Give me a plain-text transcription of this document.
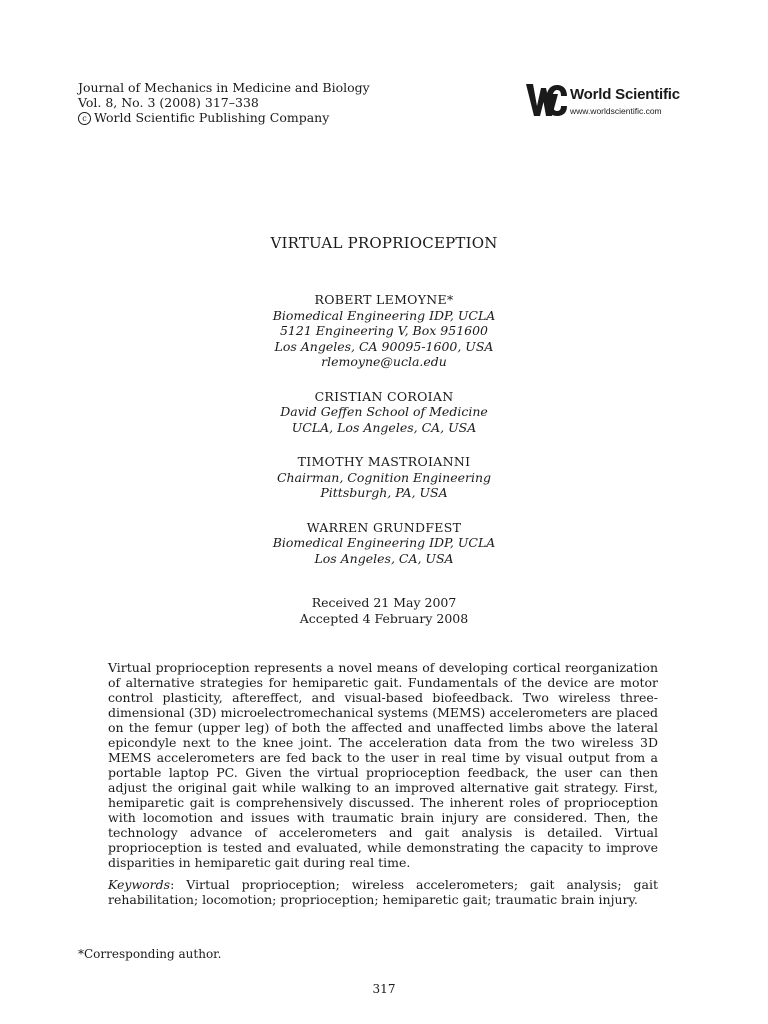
Journal of Mechanics in Medicine and Biology
Vol. 8, No. 3 (2008) 317–338
c World Scientific Publishing Company
World Scientific
www.worldscientific.com
VIRTUAL PROPRIOCEPTION
ROBERT LEMOYNE*
Biomedical Engineering IDP, UCLA
5121 Engineering V, Box 951600
Los Angeles, CA 90095-1600, USA
rlemoyne@ucla.edu
CRISTIAN COROIAN
David Geffen School of Medicine
UCLA, Los Angeles, CA, USA
TIMOTHY MASTROIANNI
Chairman, Cognition Engineering
Pittsburgh, PA, USA
WARREN GRUNDFEST
Biomedical Engineering IDP, UCLA
Los Angeles, CA, USA
Received 21 May 2007
Accepted 4 February 2008

Virtual proprioception represents a novel means of developing cortical reorganization of alternative strategies for hemiparetic gait. Fundamentals of the device are motor control plasticity, aftereffect, and visual-based biofeedback. Two wireless three-dimensional (3D) microelectromechanical systems (MEMS) accelerometers are placed on the femur (upper leg) of both the affected and unaffected limbs above the lateral epicondyle next to the knee joint. The acceleration data from the two wireless 3D MEMS accelerometers are fed back to the user in real time by visual output from a portable laptop PC. Given the virtual proprioception feedback, the user can then adjust the original gait while walking to an improved alternative gait strategy. First, hemiparetic gait is comprehensively discussed. The inherent roles of proprioception with locomotion and issues with traumatic brain injury are considered. Then, the technology advance of accelerometers and gait analysis is detailed. Virtual proprioception is tested and evaluated, while demonstrating the capacity to improve disparities in hemiparetic gait during real time.

Keywords: Virtual proprioception; wireless accelerometers; gait analysis; gait rehabilitation; locomotion; proprioception; hemiparetic gait; traumatic brain injury.

*Corresponding author.
317
